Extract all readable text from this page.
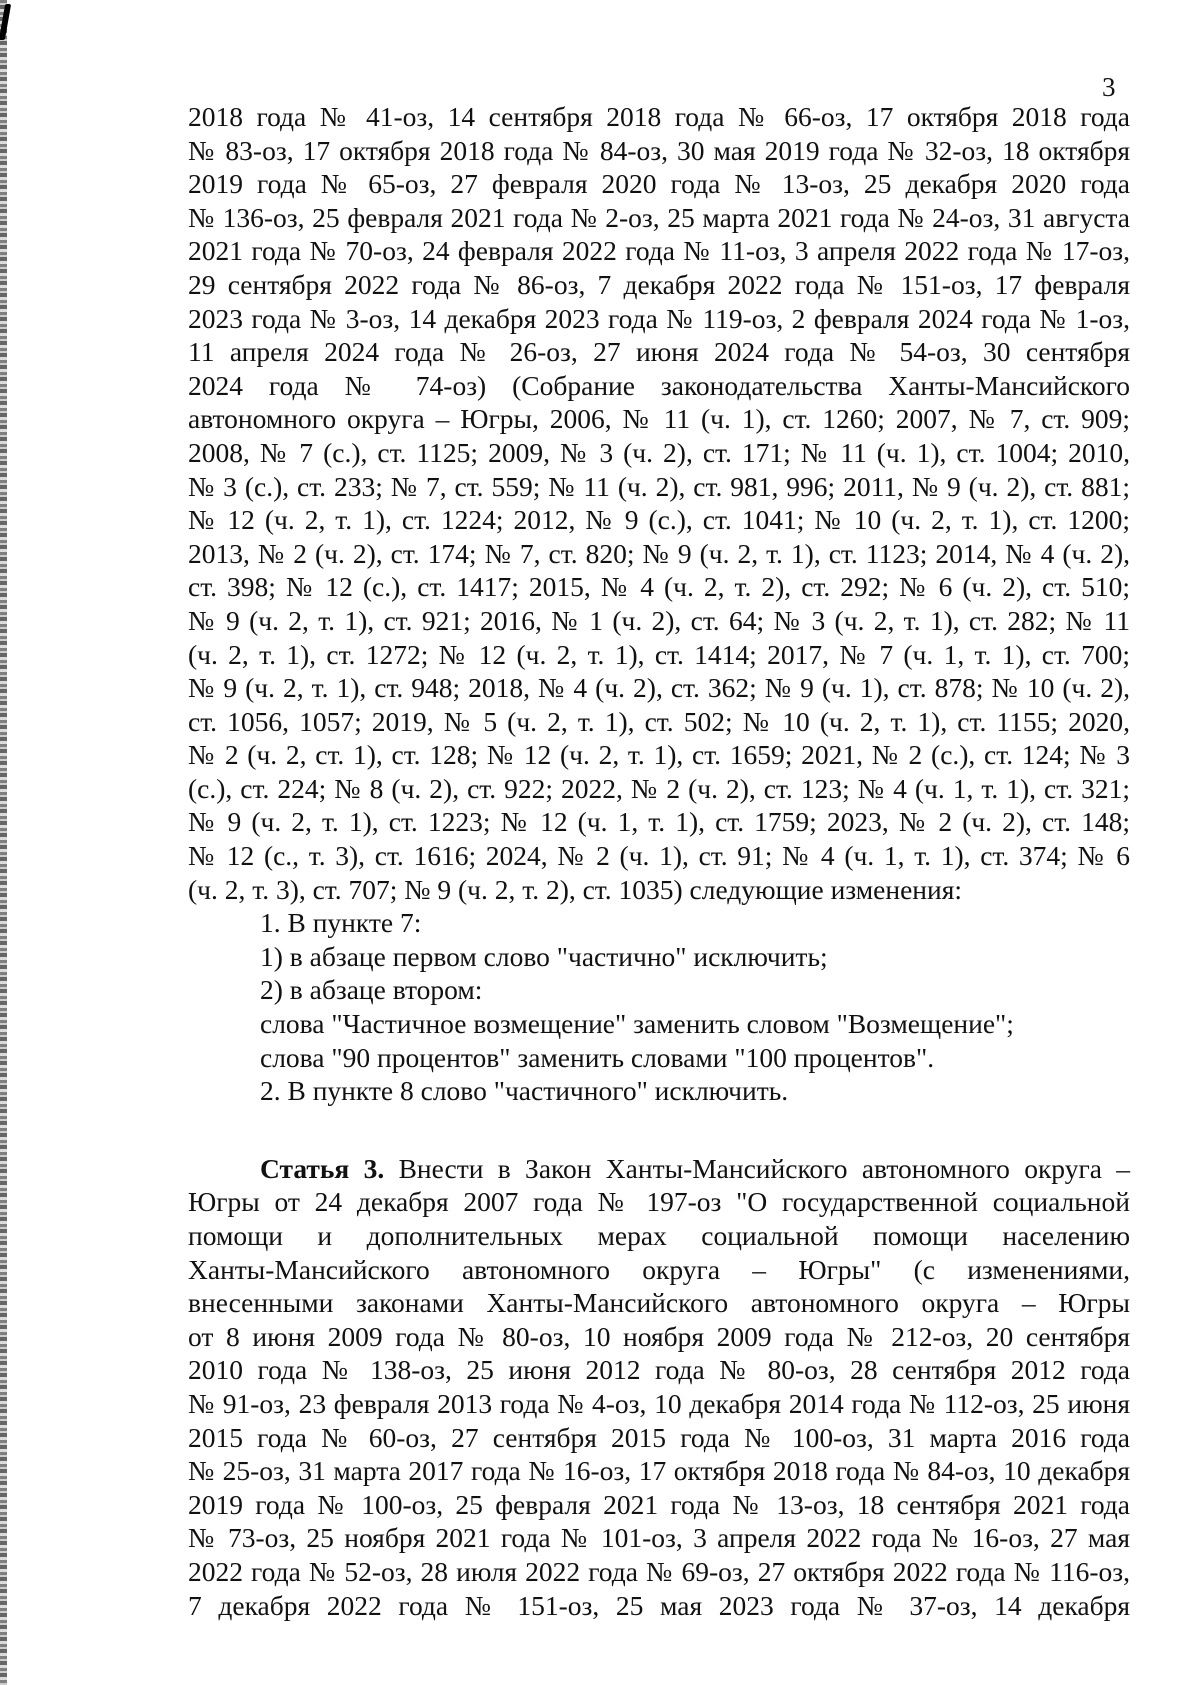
3
2018 года № 41-оз, 14 сентября 2018 года № 66-оз, 17 октября 2018 года
№ 83-оз, 17 октября 2018 года № 84-оз, 30 мая 2019 года № 32-оз, 18 октября
2019 года № 65-оз, 27 февраля 2020 года № 13-оз, 25 декабря 2020 года
№ 136-оз, 25 февраля 2021 года № 2-оз, 25 марта 2021 года № 24-оз, 31 августа
2021 года № 70-оз, 24 февраля 2022 года № 11-оз, 3 апреля 2022 года № 17-оз,
29 сентября 2022 года № 86-оз, 7 декабря 2022 года № 151-оз, 17 февраля
2023 года № 3-оз, 14 декабря 2023 года № 119-оз, 2 февраля 2024 года № 1-оз,
11 апреля 2024 года № 26-оз, 27 июня 2024 года № 54-оз, 30 сентября
2024 года № 74-оз) (Собрание законодательства Ханты-Мансийского
автономного округа – Югры, 2006, № 11 (ч. 1), ст. 1260; 2007, № 7, ст. 909;
2008, № 7 (с.), ст. 1125; 2009, № 3 (ч. 2), ст. 171; № 11 (ч. 1), ст. 1004; 2010,
№ 3 (с.), ст. 233; № 7, ст. 559; № 11 (ч. 2), ст. 981, 996; 2011, № 9 (ч. 2), ст. 881;
№ 12 (ч. 2, т. 1), ст. 1224; 2012, № 9 (с.), ст. 1041; № 10 (ч. 2, т. 1), ст. 1200;
2013, № 2 (ч. 2), ст. 174; № 7, ст. 820; № 9 (ч. 2, т. 1), ст. 1123; 2014, № 4 (ч. 2),
ст. 398; № 12 (с.), ст. 1417; 2015, № 4 (ч. 2, т. 2), ст. 292; № 6 (ч. 2), ст. 510;
№ 9 (ч. 2, т. 1), ст. 921; 2016, № 1 (ч. 2), ст. 64; № 3 (ч. 2, т. 1), ст. 282; № 11
(ч. 2, т. 1), ст. 1272; № 12 (ч. 2, т. 1), ст. 1414; 2017, № 7 (ч. 1, т. 1), ст. 700;
№ 9 (ч. 2, т. 1), ст. 948; 2018, № 4 (ч. 2), ст. 362; № 9 (ч. 1), ст. 878; № 10 (ч. 2),
ст. 1056, 1057; 2019, № 5 (ч. 2, т. 1), ст. 502; № 10 (ч. 2, т. 1), ст. 1155; 2020,
№ 2 (ч. 2, ст. 1), ст. 128; № 12 (ч. 2, т. 1), ст. 1659; 2021, № 2 (с.), ст. 124; № 3
(с.), ст. 224; № 8 (ч. 2), ст. 922; 2022, № 2 (ч. 2), ст. 123; № 4 (ч. 1, т. 1), ст. 321;
№ 9 (ч. 2, т. 1), ст. 1223; № 12 (ч. 1, т. 1), ст. 1759; 2023, № 2 (ч. 2), ст. 148;
№ 12 (с., т. 3), ст. 1616; 2024, № 2 (ч. 1), ст. 91; № 4 (ч. 1, т. 1), ст. 374; № 6
(ч. 2, т. 3), ст. 707; № 9 (ч. 2, т. 2), ст. 1035) следующие изменения:
1. В пункте 7:
1) в абзаце первом слово "частично" исключить;
2) в абзаце втором:
слова "Частичное возмещение" заменить словом "Возмещение";
слова "90 процентов" заменить словами "100 процентов".
2. В пункте 8 слово "частичного" исключить.
Статья 3. Внести в Закон Ханты-Мансийского автономного округа –
Югры от 24 декабря 2007 года № 197-оз "О государственной социальной
помощи и дополнительных мерах социальной помощи населению
Ханты-Мансийского автономного округа – Югры" (с изменениями,
внесенными законами Ханты-Мансийского автономного округа – Югры
от 8 июня 2009 года № 80-оз, 10 ноября 2009 года № 212-оз, 20 сентября
2010 года № 138-оз, 25 июня 2012 года № 80-оз, 28 сентября 2012 года
№ 91-оз, 23 февраля 2013 года № 4-оз, 10 декабря 2014 года № 112-оз, 25 июня
2015 года № 60-оз, 27 сентября 2015 года № 100-оз, 31 марта 2016 года
№ 25-оз, 31 марта 2017 года № 16-оз, 17 октября 2018 года № 84-оз, 10 декабря
2019 года № 100-оз, 25 февраля 2021 года № 13-оз, 18 сентября 2021 года
№ 73-оз, 25 ноября 2021 года № 101-оз, 3 апреля 2022 года № 16-оз, 27 мая
2022 года № 52-оз, 28 июля 2022 года № 69-оз, 27 октября 2022 года № 116-оз,
7 декабря 2022 года № 151-оз, 25 мая 2023 года № 37-оз, 14 декабря
